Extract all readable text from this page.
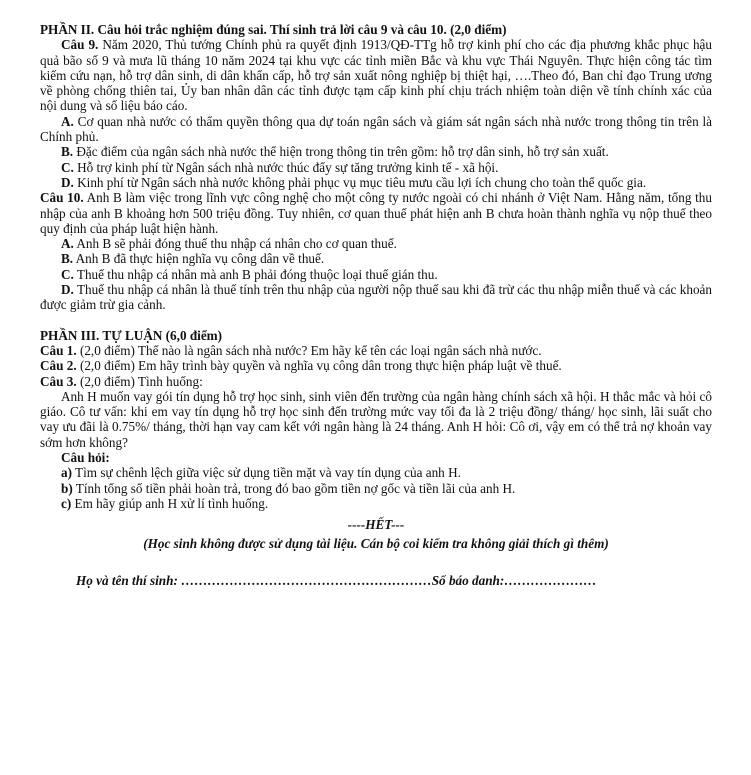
PHẦN II. Câu hỏi trắc nghiệm đúng sai. Thí sinh trả lời câu 9 và câu 10. (2,0 điểm)

Câu 9. Năm 2020, Thủ tướng Chính phủ ra quyết định 1913/QĐ-TTg hỗ trợ kinh phí cho các địa phương khắc phục hậu quả bão số 9 và mưa lũ tháng 10 năm 2024 tại khu vực các tỉnh miền Bắc và khu vực Thái Nguyên. Thực hiện công tác tìm kiếm cứu nạn, hỗ trợ dân sinh, di dân khẩn cấp, hỗ trợ sản xuất nông nghiệp bị thiệt hại, ….Theo đó, Ban chỉ đạo Trung ương về phòng chống thiên tai, Ủy ban nhân dân các tỉnh được tạm cấp kinh phí chịu trách nhiệm toàn diện về tính chính xác của nội dung và số liệu báo cáo.

A. Cơ quan nhà nước có thẩm quyền thông qua dự toán ngân sách và giám sát ngân sách nhà nước trong thông tin trên là Chính phủ.

B. Đặc điểm của ngân sách nhà nước thể hiện trong thông tin trên gồm: hỗ trợ dân sinh, hỗ trợ sản xuất.

C. Hỗ trợ kinh phí từ Ngân sách nhà nước thúc đẩy sự tăng trưởng kinh tế - xã hội.

D. Kinh phí từ Ngân sách nhà nước không phải phục vụ mục tiêu mưu cầu lợi ích chung cho toàn thể quốc gia.

Câu 10. Anh B làm việc trong lĩnh vực công nghệ cho một công ty nước ngoài có chi nhánh ở Việt Nam. Hằng năm, tổng thu nhập của anh B khoảng hơn 500 triệu đồng. Tuy nhiên, cơ quan thuế phát hiện anh B chưa hoàn thành nghĩa vụ nộp thuế theo quy định của pháp luật hiện hành.

A. Anh B sẽ phải đóng thuế thu nhập cá nhân cho cơ quan thuế.

B. Anh B đã thực hiện nghĩa vụ công dân về thuế.

C. Thuế thu nhập cá nhân mà anh B phải đóng thuộc loại thuế gián thu.

D. Thuế thu nhập cá nhân là thuế tính trên thu nhập của người nộp thuế sau khi đã trừ các thu nhập miễn thuế và các khoản được giảm trừ gia cảnh.

PHẦN III. TỰ LUẬN (6,0 điểm)

Câu 1. (2,0 điểm) Thế nào là ngân sách nhà nước? Em hãy kể tên các loại ngân sách nhà nước.

Câu 2. (2,0 điểm) Em hãy trình bày quyền và nghĩa vụ công dân trong thực hiện pháp luật về thuế.

Câu 3. (2,0 điểm) Tình huống:

Anh H muốn vay gói tín dụng hỗ trợ học sinh, sinh viên đến trường của ngân hàng chính sách xã hội. H thắc mắc và hỏi cô giáo. Cô tư vấn: khi em vay tín dụng hỗ trợ học sinh đến trường mức vay tối đa là 2 triệu đồng/ tháng/ học sinh, lãi suất cho vay ưu đãi là 0.75%/ tháng, thời hạn vay cam kết với ngân hàng là 24 tháng. Anh H hỏi: Cô ơi, vậy em có thể trả nợ khoản vay sớm hơn không?

Câu hỏi:

a) Tìm sự chênh lệch giữa việc sử dụng tiền mặt và vay tín dụng của anh H.

b) Tính tổng số tiền phải hoàn trả, trong đó bao gồm tiền nợ gốc và tiền lãi của anh H.

c) Em hãy giúp anh H xử lí tình huống.

----HẾT---

(Học sinh không được sử dụng tài liệu. Cán bộ coi kiểm tra không giải thích gì thêm)

Họ và tên thí sinh: …………………………………………………Số báo danh:…………………
